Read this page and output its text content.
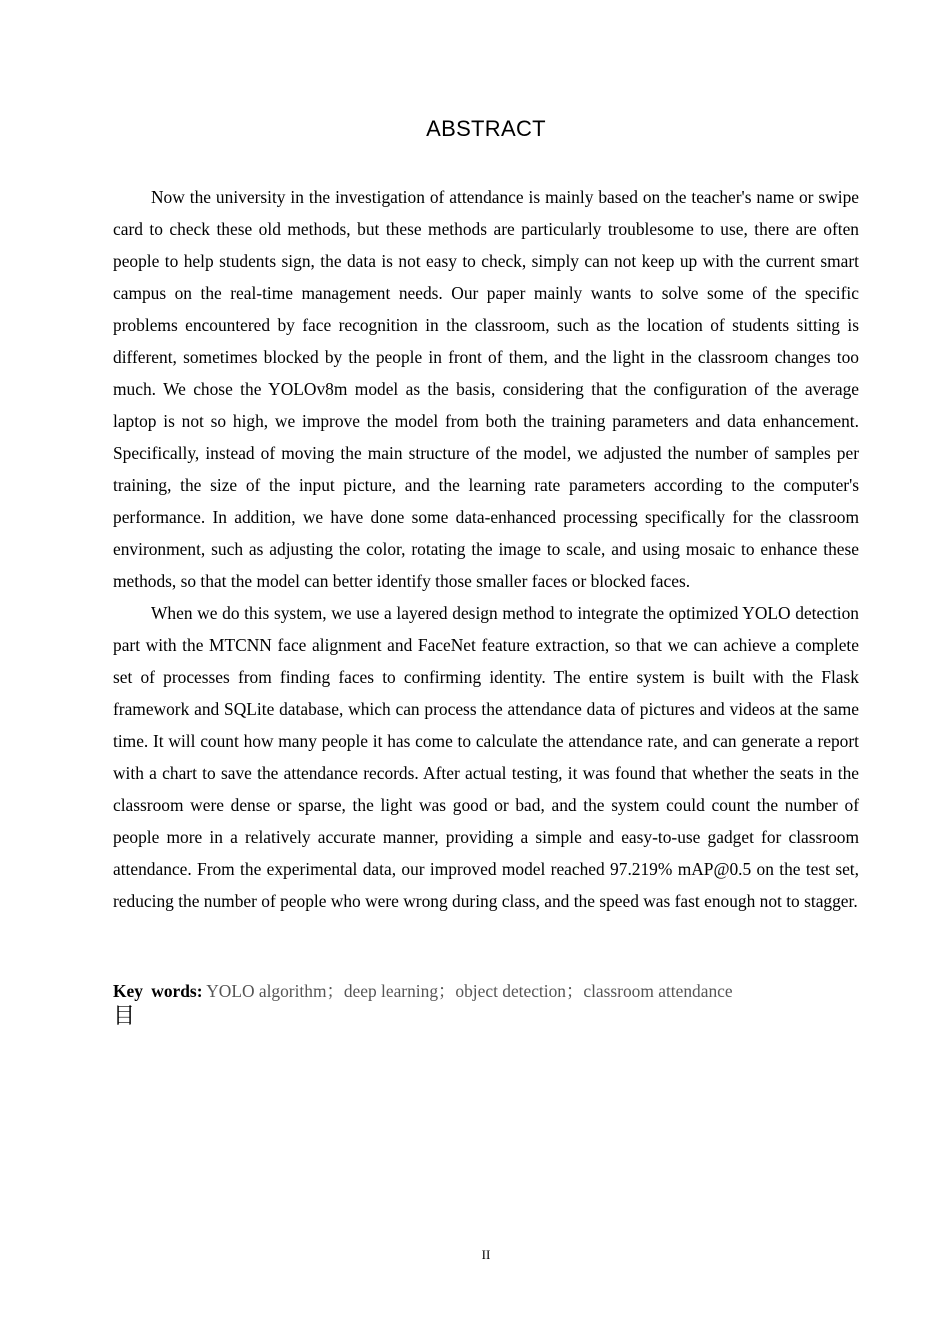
ABSTRACT

Now the university in the investigation of attendance is mainly based on the teacher's name or swipe card to check these old methods, but these methods are particularly troublesome to use, there are often people to help students sign, the data is not easy to check, simply can not keep up with the current smart campus on the real-time management needs. Our paper mainly wants to solve some of the specific problems encountered by face recognition in the classroom, such as the location of students sitting is different, sometimes blocked by the people in front of them, and the light in the classroom changes too much. We chose the YOLOv8m model as the basis, considering that the configuration of the average laptop is not so high, we improve the model from both the training parameters and data enhancement. Specifically, instead of moving the main structure of the model, we adjusted the number of samples per training, the size of the input picture, and the learning rate parameters according to the computer's performance. In addition, we have done some data-enhanced processing specifically for the classroom environment, such as adjusting the color, rotating the image to scale, and using mosaic to enhance these methods, so that the model can better identify those smaller faces or blocked faces.

When we do this system, we use a layered design method to integrate the optimized YOLO detection part with the MTCNN face alignment and FaceNet feature extraction, so that we can achieve a complete set of processes from finding faces to confirming identity. The entire system is built with the Flask framework and SQLite database, which can process the attendance data of pictures and videos at the same time. It will count how many people it has come to calculate the attendance rate, and can generate a report with a chart to save the attendance records. After actual testing, it was found that whether the seats in the classroom were dense or sparse, the light was good or bad, and the system could count the number of people more in a relatively accurate manner, providing a simple and easy-to-use gadget for classroom attendance. From the experimental data, our improved model reached 97.219% mAP@0.5 on the test set, reducing the number of people who were wrong during class, and the speed was fast enough not to stagger.

Key words: YOLO algorithm；deep learning；object detection；classroom attendance
目
II
